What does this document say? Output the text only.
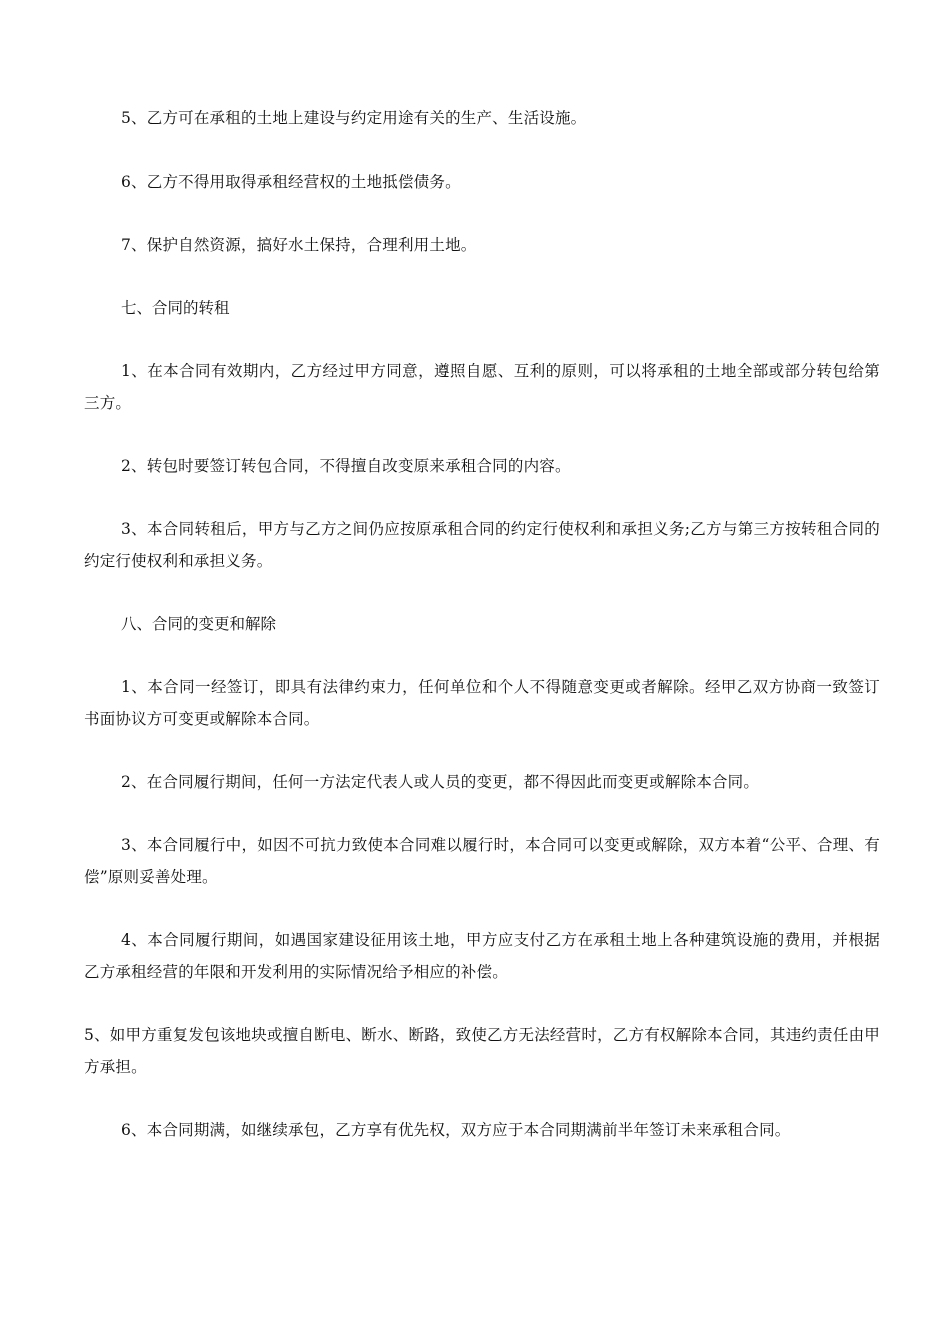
5、乙方可在承租的土地上建设与约定用途有关的生产、生活设施。

6、乙方不得用取得承租经营权的土地抵偿债务。

7、保护自然资源，搞好水土保持，合理利用土地。

七、合同的转租

1、在本合同有效期内，乙方经过甲方同意，遵照自愿、互利的原则，可以将承租的土地全部或部分转包给第三方。

2、转包时要签订转包合同，不得擅自改变原来承租合同的内容。

3、本合同转租后，甲方与乙方之间仍应按原承租合同的约定行使权利和承担义务;乙方与第三方按转租合同的约定行使权利和承担义务。

八、合同的变更和解除

1、本合同一经签订，即具有法律约束力，任何单位和个人不得随意变更或者解除。经甲乙双方协商一致签订书面协议方可变更或解除本合同。

2、在合同履行期间，任何一方法定代表人或人员的变更，都不得因此而变更或解除本合同。

3、本合同履行中，如因不可抗力致使本合同难以履行时，本合同可以变更或解除，双方本着“公平、合理、有偿”原则妥善处理。

4、本合同履行期间，如遇国家建设征用该土地，甲方应支付乙方在承租土地上各种建筑设施的费用，并根据乙方承租经营的年限和开发利用的实际情况给予相应的补偿。

5、如甲方重复发包该地块或擅自断电、断水、断路，致使乙方无法经营时，乙方有权解除本合同，其违约责任由甲方承担。

6、本合同期满，如继续承包，乙方享有优先权，双方应于本合同期满前半年签订未来承租合同。
